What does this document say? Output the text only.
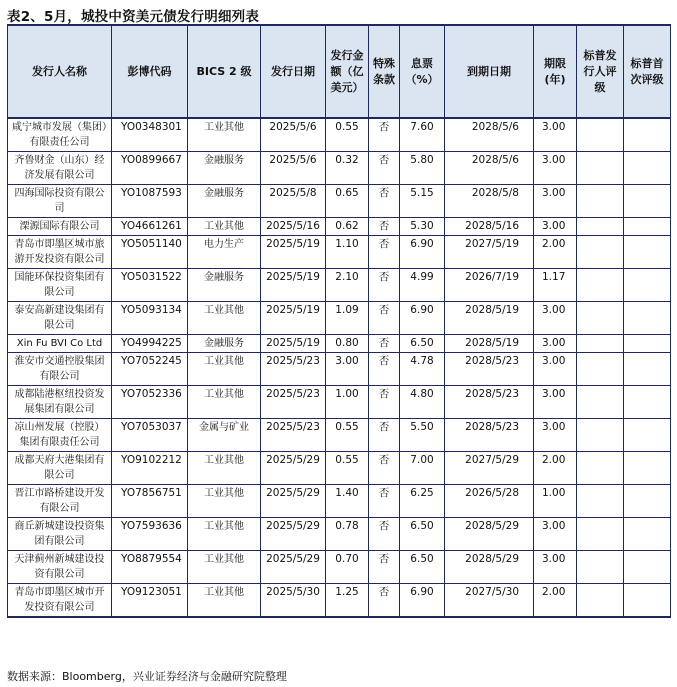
表2、5月，城投中资美元债发行明细列表
发行人名称	彭博代码	BICS 2 级	发行日期	发行金额（亿美元）	特殊条款	息票（%）	到期日期	期限(年)	标普发行人评级	标普首次评级
咸宁城市发展（集团）有限责任公司	YO0348301	工业其他	2025/5/6	0.55	否	7.60	2028/5/6	3.00		
齐鲁财金（山东）经济发展有限公司	YO0899667	金融服务	2025/5/6	0.32	否	5.80	2028/5/6	3.00		
四海国际投资有限公司	YO1087593	金融服务	2025/5/8	0.65	否	5.15	2028/5/8	3.00		
溧源国际有限公司	YO4661261	工业其他	2025/5/16	0.62	否	5.30	2028/5/16	3.00		
青岛市即墨区城市旅游开发投资有限公司	YO5051140	电力生产	2025/5/19	1.10	否	6.90	2027/5/19	2.00		
国能环保投资集团有限公司	YO5031522	金融服务	2025/5/19	2.10	否	4.99	2026/7/19	1.17		
泰安高新建设集团有限公司	YO5093134	工业其他	2025/5/19	1.09	否	6.90	2028/5/19	3.00		
Xin Fu BVI Co Ltd	YO4994225	金融服务	2025/5/19	0.80	否	6.50	2028/5/19	3.00		
淮安市交通控股集团有限公司	YO7052245	工业其他	2025/5/23	3.00	否	4.78	2028/5/23	3.00		
成都陆港枢纽投资发展集团有限公司	YO7052336	工业其他	2025/5/23	1.00	否	4.80	2028/5/23	3.00		
凉山州发展（控股）集团有限责任公司	YO7053037	金属与矿业	2025/5/23	0.55	否	5.50	2028/5/23	3.00		
成都天府大港集团有限公司	YO9102212	工业其他	2025/5/29	0.55	否	7.00	2027/5/29	2.00		
晋江市路桥建设开发有限公司	YO7856751	工业其他	2025/5/29	1.40	否	6.25	2026/5/28	1.00		
商丘新城建设投资集团有限公司	YO7593636	工业其他	2025/5/29	0.78	否	6.50	2028/5/29	3.00		
天津蓟州新城建设投资有限公司	YO8879554	工业其他	2025/5/29	0.70	否	6.50	2028/5/29	3.00		
青岛市即墨区城市开发投资有限公司	YO9123051	工业其他	2025/5/30	1.25	否	6.90	2027/5/30	2.00		
数据来源：Bloomberg，兴业证券经济与金融研究院整理
